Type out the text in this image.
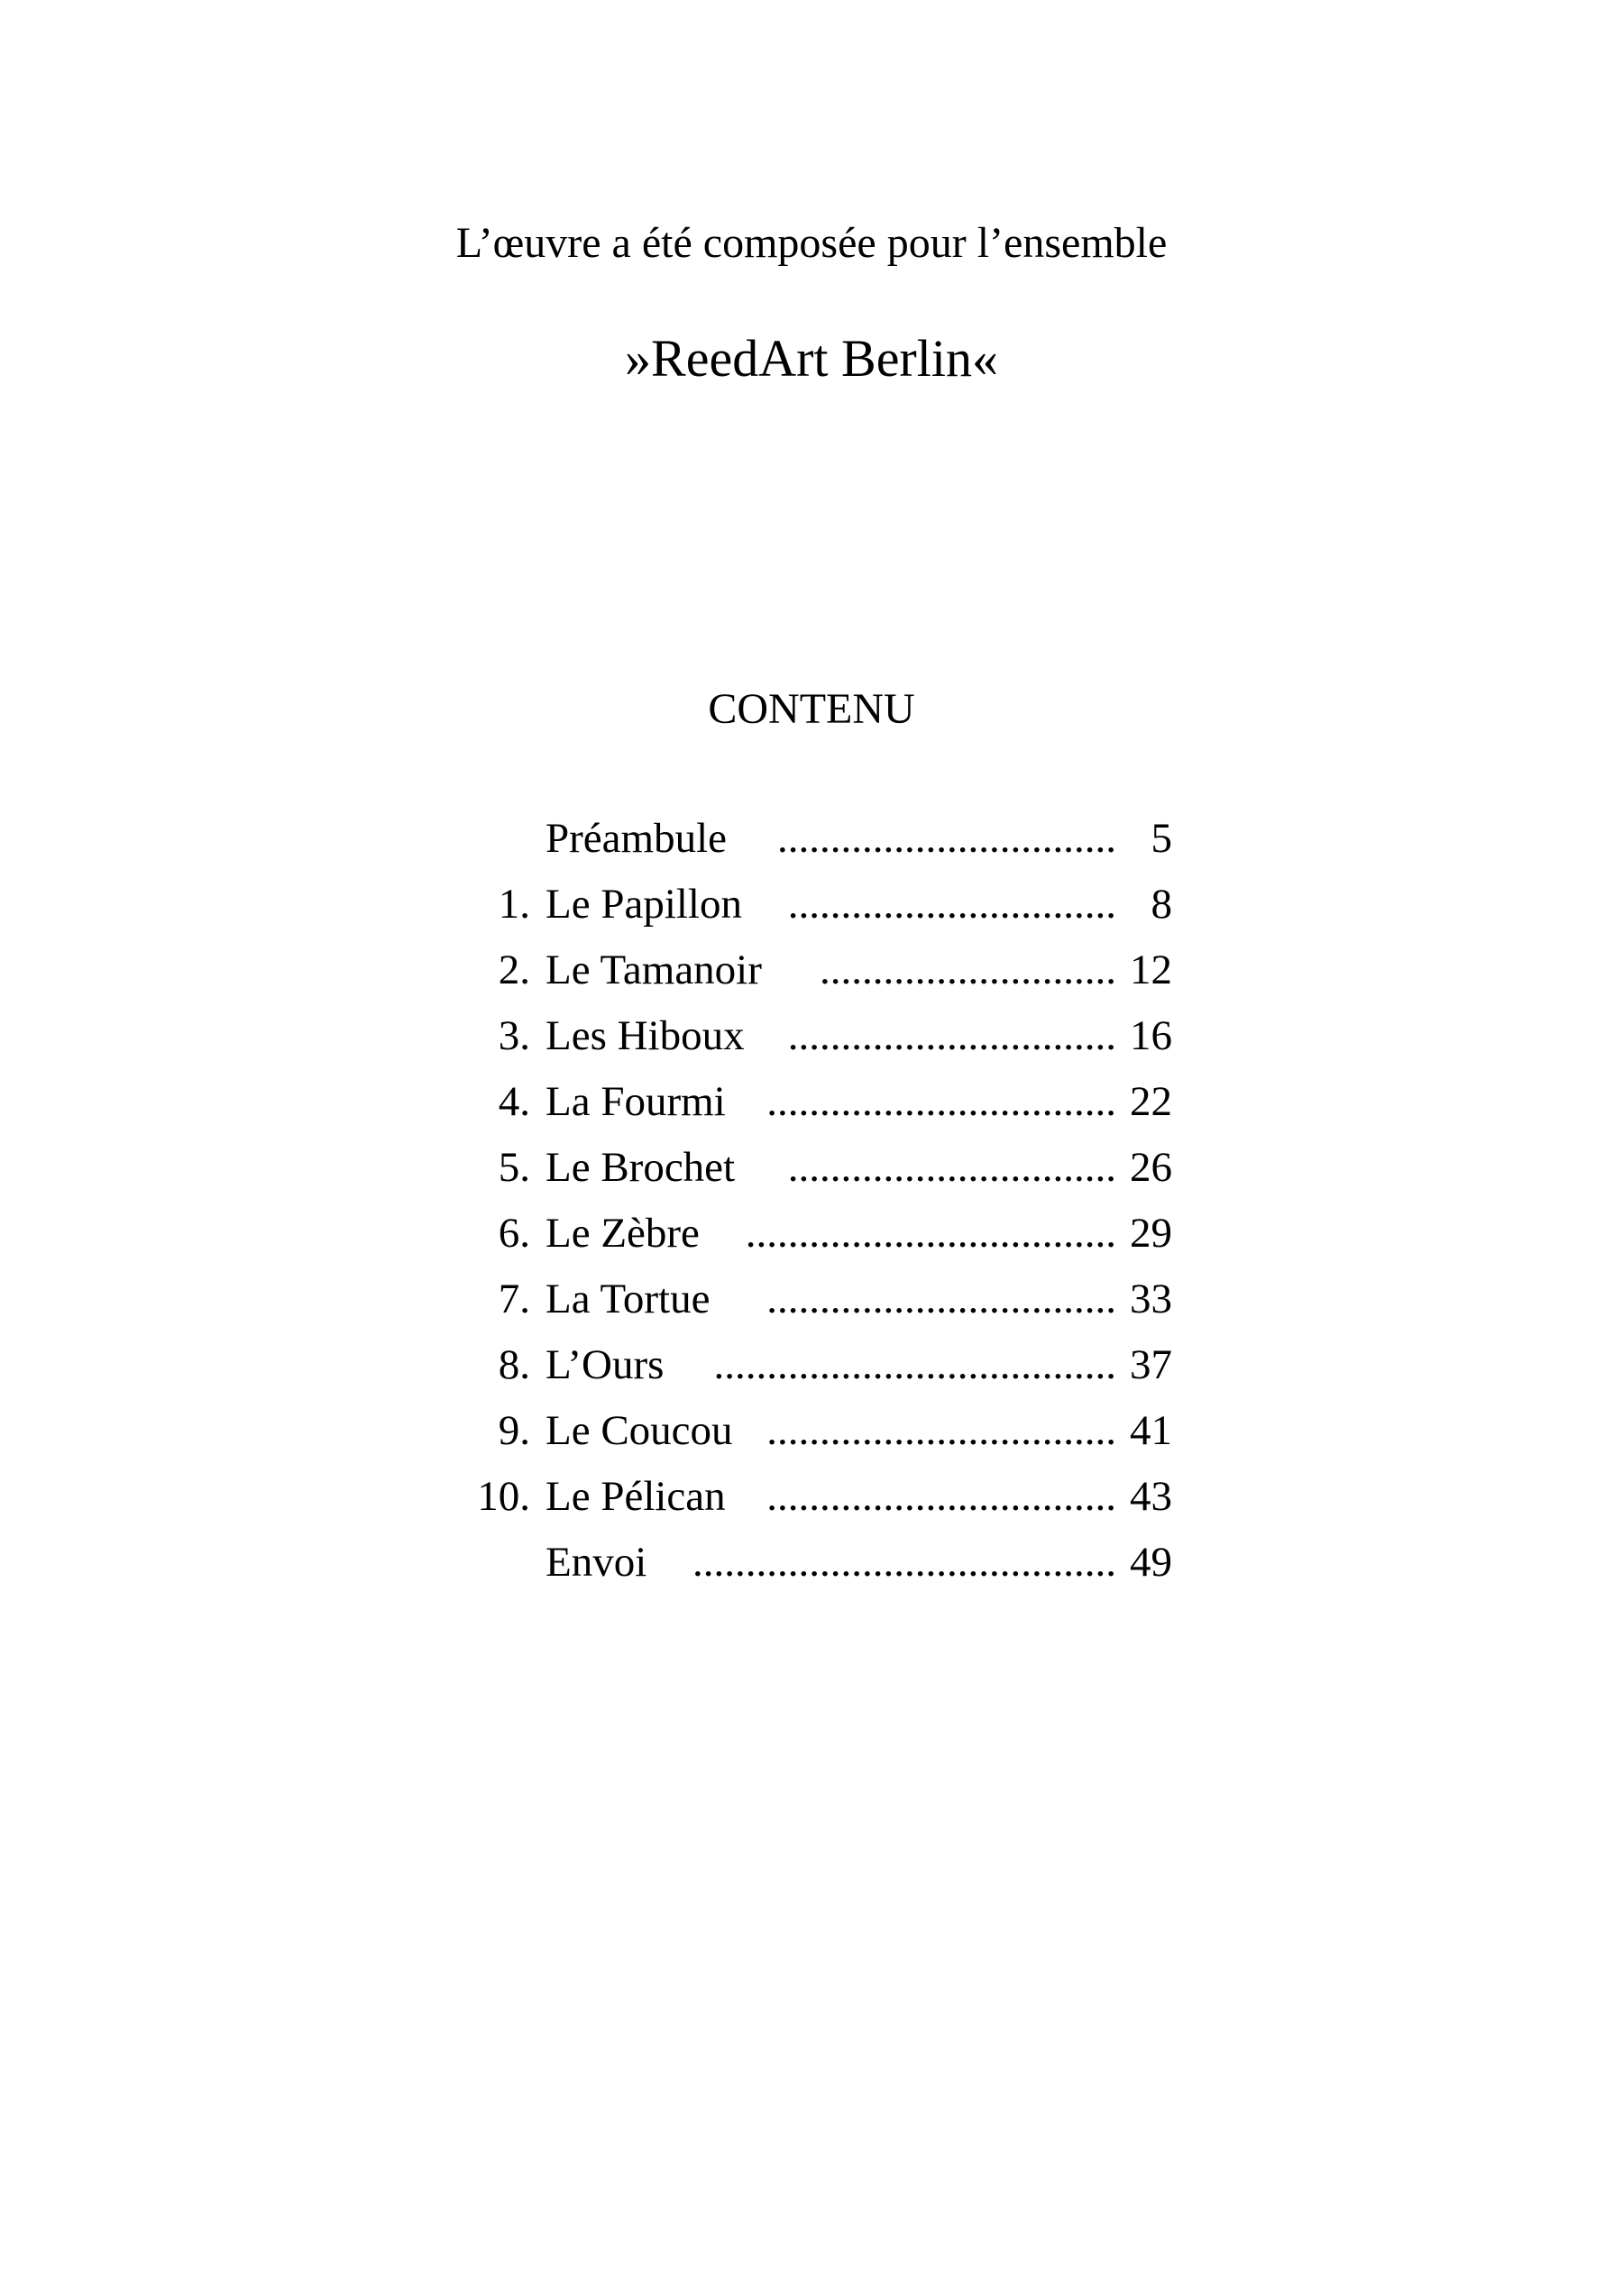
L’œuvre a été composée pour l’ensemble
»ReedArt Berlin«
CONTENU
Préambule ................................ 5
1. Le Papillon ............................... 8
2. Le Tamanoir ............................ 12
3. Les Hiboux ............................... 16
4. La Fourmi ................................. 22
5. Le Brochet ............................... 26
6. Le Zèbre ................................... 29
7. La Tortue ................................. 33
8. L’Ours ...................................... 37
9. Le Coucou ................................. 41
10. Le Pélican ................................. 43
Envoi ........................................ 49
